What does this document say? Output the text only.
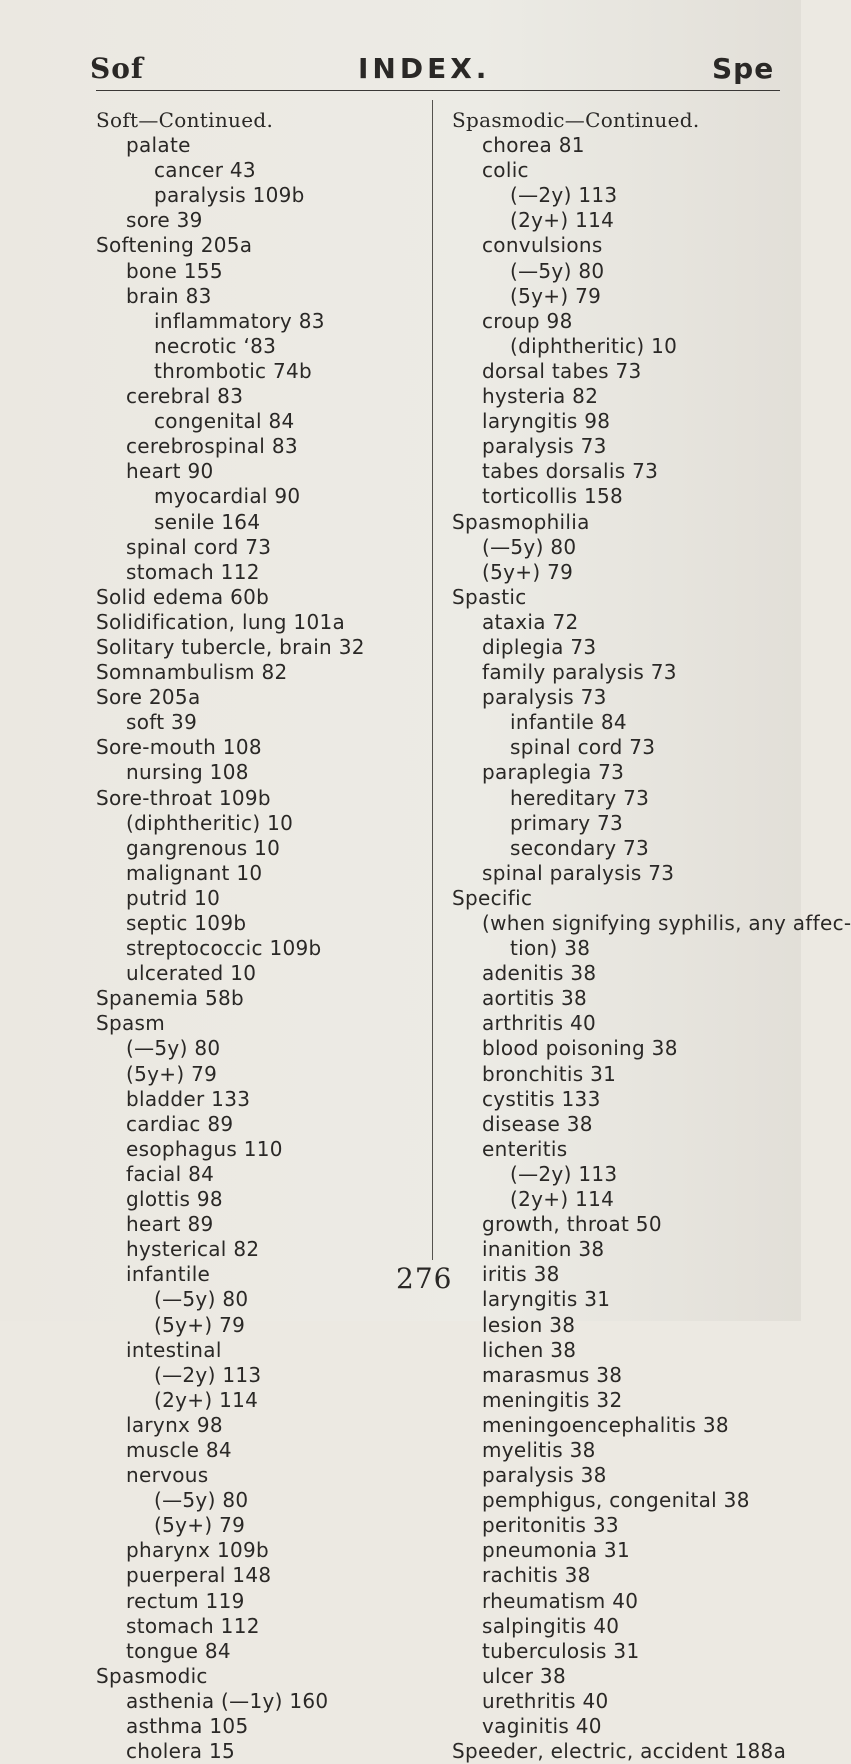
Sof	INDEX.	Spe
Soft—Continued.
palate
cancer 43
paralysis 109b
sore 39
Softening 205a
bone 155
brain 83
inflammatory 83
necrotic ‘83
thrombotic 74b
cerebral 83
congenital 84
cerebrospinal 83
heart 90
myocardial 90
senile 164
spinal cord 73
stomach 112
Solid edema 60b
Solidification, lung 101a
Solitary tubercle, brain 32
Somnambulism 82
Sore 205a
soft 39
Sore-mouth 108
nursing 108
Sore-throat 109b
(diphtheritic) 10
gangrenous 10
malignant 10
putrid 10
septic 109b
streptococcic 109b
ulcerated 10
Spanemia 58b
Spasm
(—5y) 80
(5y+) 79
bladder 133
cardiac 89
esophagus 110
facial 84
glottis 98
heart 89
hysterical 82
infantile
(—5y) 80
(5y+) 79
intestinal
(—2y) 113
(2y+) 114
larynx 98
muscle 84
nervous
(—5y) 80
(5y+) 79
pharynx 109b
puerperal 148
rectum 119
stomach 112
tongue 84
Spasmodic
asthenia (—1y) 160
asthma 105
cholera 15
Spasmodic—Continued.
chorea 81
colic
(—2y) 113
(2y+) 114
convulsions
(—5y) 80
(5y+) 79
croup 98
(diphtheritic) 10
dorsal tabes 73
hysteria 82
laryngitis 98
paralysis 73
tabes dorsalis 73
torticollis 158
Spasmophilia
(—5y) 80
(5y+) 79
Spastic
ataxia 72
diplegia 73
family paralysis 73
paralysis 73
infantile 84
spinal cord 73
paraplegia 73
hereditary 73
primary 73
secondary 73
spinal paralysis 73
Specific
(when signifying syphilis, any affec-
tion) 38
adenitis 38
aortitis 38
arthritis 40
blood poisoning 38
bronchitis 31
cystitis 133
disease 38
enteritis
(—2y) 113
(2y+) 114
growth, throat 50
inanition 38
iritis 38
laryngitis 31
lesion 38
lichen 38
marasmus 38
meningitis 32
meningoencephalitis 38
myelitis 38
paralysis 38
pemphigus, congenital 38
peritonitis 33
pneumonia 31
rachitis 38
rheumatism 40
salpingitis 40
tuberculosis 31
ulcer 38
urethritis 40
vaginitis 40
Speeder, electric, accident 188a
276
